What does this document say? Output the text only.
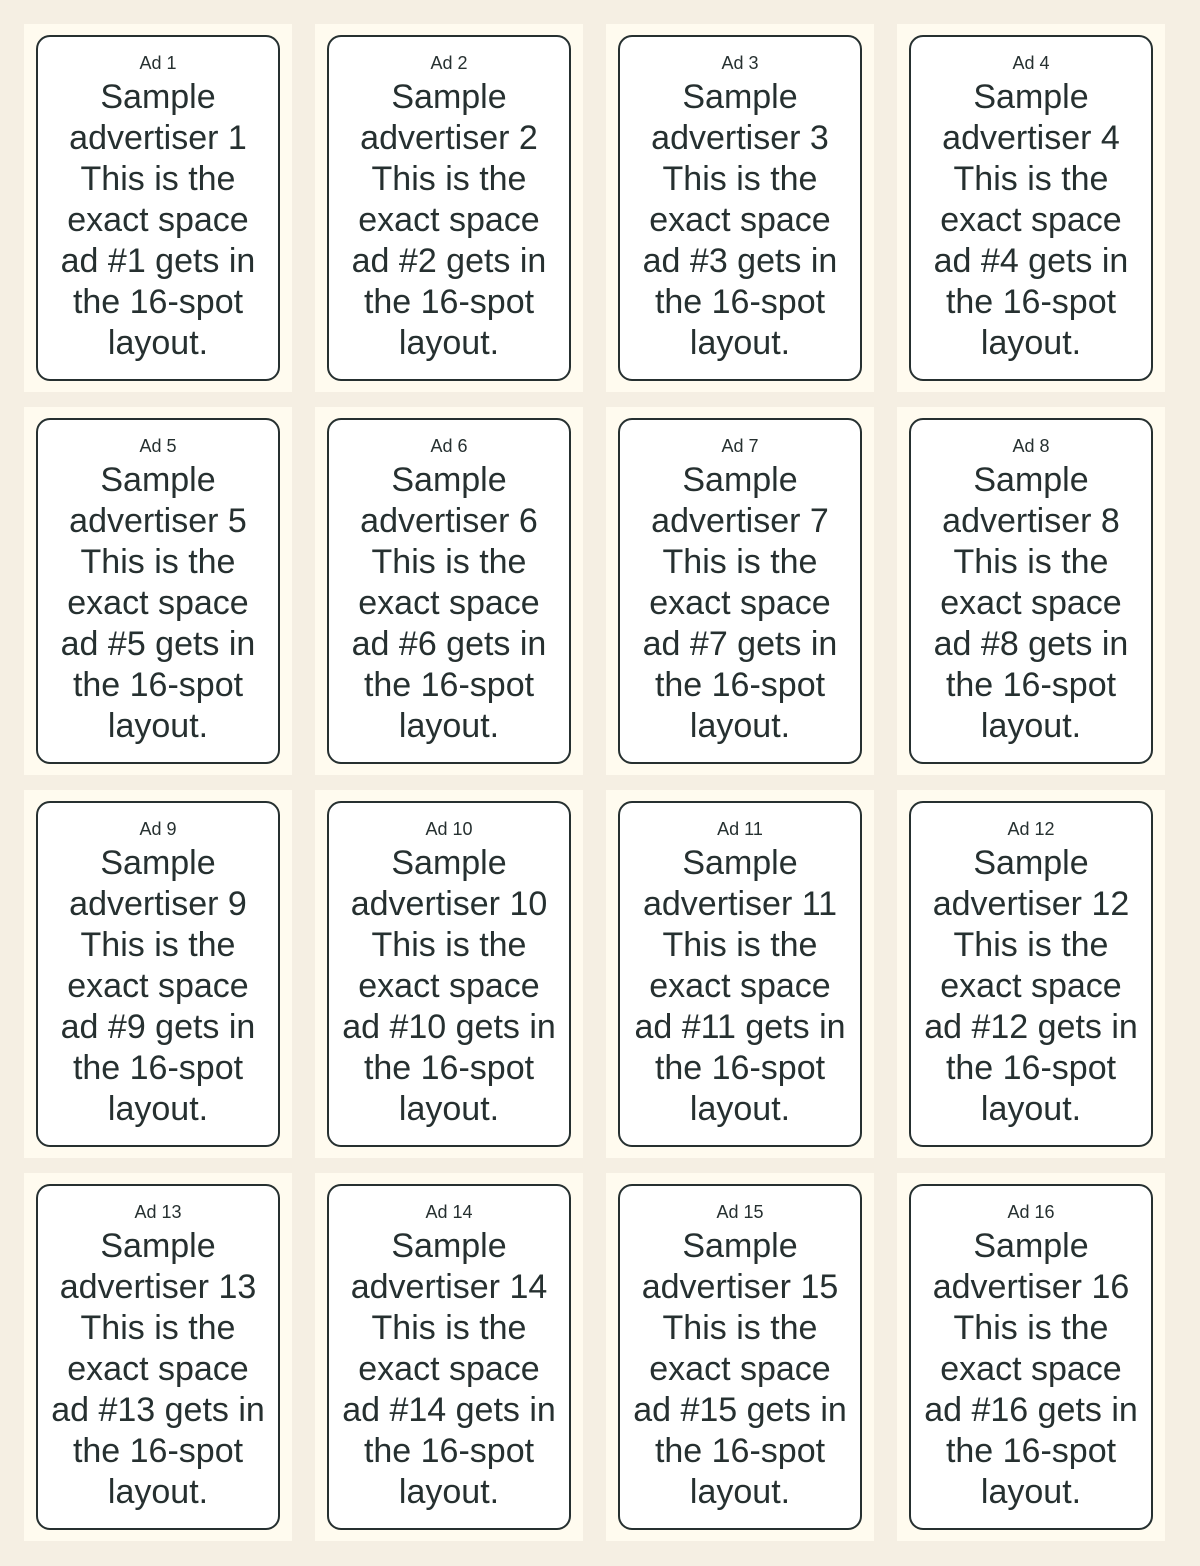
Ad 1
Sample
advertiser 1
This is the
exact space
ad #1 gets in
the 16-spot
layout.
Ad 2
Sample
advertiser 2
This is the
exact space
ad #2 gets in
the 16-spot
layout.
Ad 3
Sample
advertiser 3
This is the
exact space
ad #3 gets in
the 16-spot
layout.
Ad 4
Sample
advertiser 4
This is the
exact space
ad #4 gets in
the 16-spot
layout.
Ad 5
Sample
advertiser 5
This is the
exact space
ad #5 gets in
the 16-spot
layout.
Ad 6
Sample
advertiser 6
This is the
exact space
ad #6 gets in
the 16-spot
layout.
Ad 7
Sample
advertiser 7
This is the
exact space
ad #7 gets in
the 16-spot
layout.
Ad 8
Sample
advertiser 8
This is the
exact space
ad #8 gets in
the 16-spot
layout.
Ad 9
Sample
advertiser 9
This is the
exact space
ad #9 gets in
the 16-spot
layout.
Ad 10
Sample
advertiser 10
This is the
exact space
ad #10 gets in
the 16-spot
layout.
Ad 11
Sample
advertiser 11
This is the
exact space
ad #11 gets in
the 16-spot
layout.
Ad 12
Sample
advertiser 12
This is the
exact space
ad #12 gets in
the 16-spot
layout.
Ad 13
Sample
advertiser 13
This is the
exact space
ad #13 gets in
the 16-spot
layout.
Ad 14
Sample
advertiser 14
This is the
exact space
ad #14 gets in
the 16-spot
layout.
Ad 15
Sample
advertiser 15
This is the
exact space
ad #15 gets in
the 16-spot
layout.
Ad 16
Sample
advertiser 16
This is the
exact space
ad #16 gets in
the 16-spot
layout.
